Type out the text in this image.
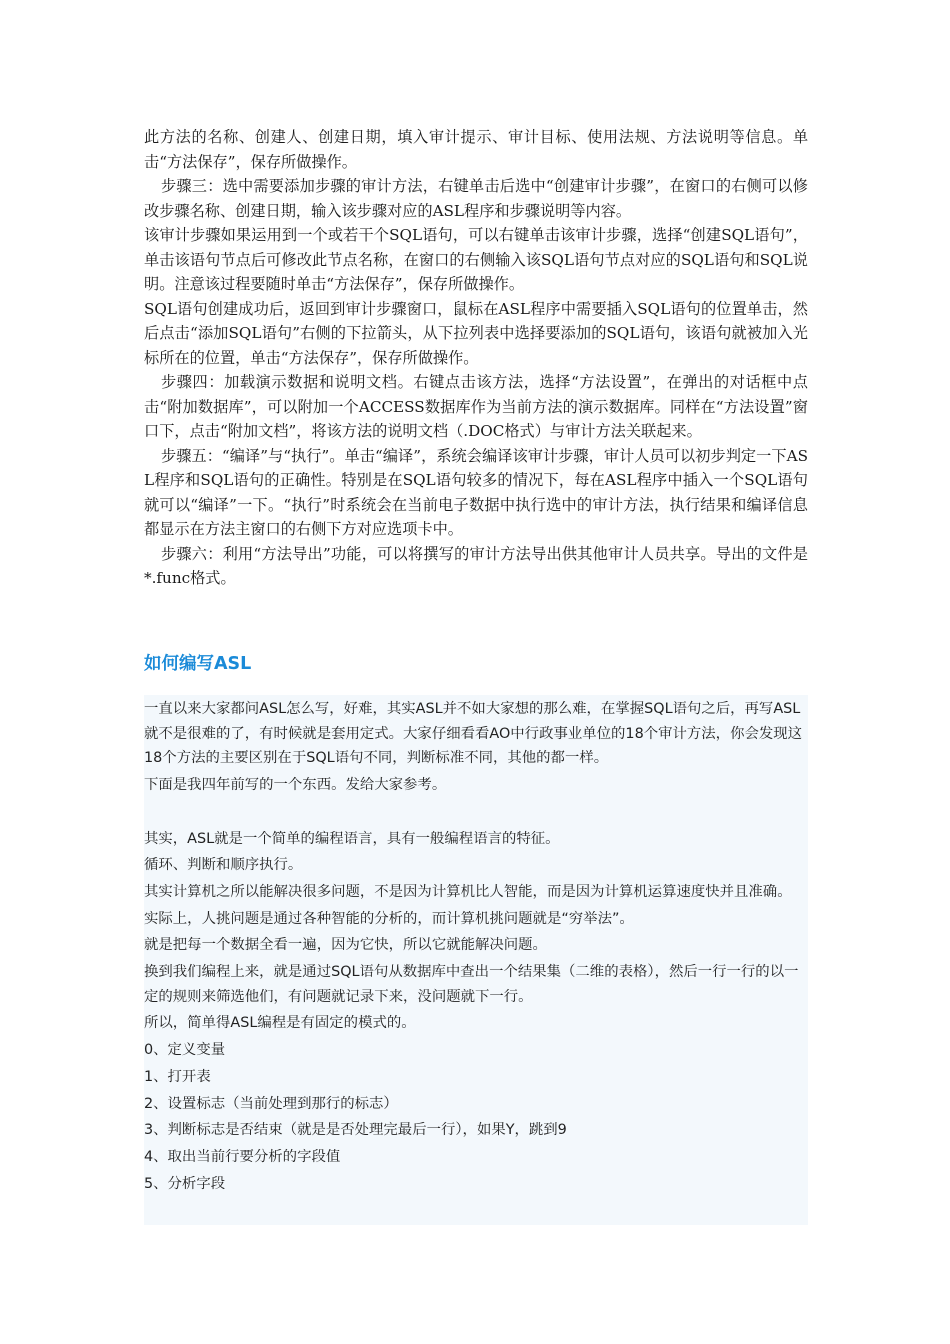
此方法的名称、创建人、创建日期，填入审计提示、审计目标、使用法规、方法说明等信息。单击“方法保存”，保存所做操作。

步骤三：选中需要添加步骤的审计方法，右键单击后选中“创建审计步骤”，在窗口的右侧可以修改步骤名称、创建日期，输入该步骤对应的ASL程序和步骤说明等内容。

该审计步骤如果运用到一个或若干个SQL语句，可以右键单击该审计步骤，选择“创建SQL语句”，单击该语句节点后可修改此节点名称，在窗口的右侧输入该SQL语句节点对应的SQL语句和SQL说明。注意该过程要随时单击“方法保存”，保存所做操作。

SQL语句创建成功后，返回到审计步骤窗口，鼠标在ASL程序中需要插入SQL语句的位置单击，然后点击“添加SQL语句”右侧的下拉箭头，从下拉列表中选择要添加的SQL语句，该语句就被加入光标所在的位置，单击“方法保存”，保存所做操作。

步骤四：加载演示数据和说明文档。右键点击该方法，选择“方法设置”，在弹出的对话框中点击“附加数据库”，可以附加一个ACCESS数据库作为当前方法的演示数据库。同样在“方法设置”窗口下，点击“附加文档”，将该方法的说明文档（.DOC格式）与审计方法关联起来。

步骤五：“编译”与“执行”。单击“编译”，系统会编译该审计步骤，审计人员可以初步判定一下ASL程序和SQL语句的正确性。特别是在SQL语句较多的情况下，每在ASL程序中插入一个SQL语句就可以“编译”一下。“执行”时系统会在当前电子数据中执行选中的审计方法，执行结果和编译信息都显示在方法主窗口的右侧下方对应选项卡中。

步骤六：利用“方法导出”功能，可以将撰写的审计方法导出供其他审计人员共享。导出的文件是*.func格式。

如何编写ASL

一直以来大家都问ASL怎么写，好难，其实ASL并不如大家想的那么难，在掌握SQL语句之后，再写ASL就不是很难的了，有时候就是套用定式。大家仔细看看AO中行政事业单位的18个审计方法，你会发现这18个方法的主要区别在于SQL语句不同，判断标准不同，其他的都一样。

下面是我四年前写的一个东西。发给大家参考。

其实，ASL就是一个简单的编程语言，具有一般编程语言的特征。

循环、判断和顺序执行。

其实计算机之所以能解决很多问题，不是因为计算机比人智能，而是因为计算机运算速度快并且准确。

实际上，人挑问题是通过各种智能的分析的，而计算机挑问题就是“穷举法”。

就是把每一个数据全看一遍，因为它快，所以它就能解决问题。

换到我们编程上来，就是通过SQL语句从数据库中查出一个结果集（二维的表格），然后一行一行的以一定的规则来筛选他们，有问题就记录下来，没问题就下一行。

所以，简单得ASL编程是有固定的模式的。

0、定义变量

1、打开表

2、设置标志（当前处理到那行的标志）

3、判断标志是否结束（就是是否处理完最后一行），如果Y，跳到9

4、取出当前行要分析的字段值

5、分析字段
